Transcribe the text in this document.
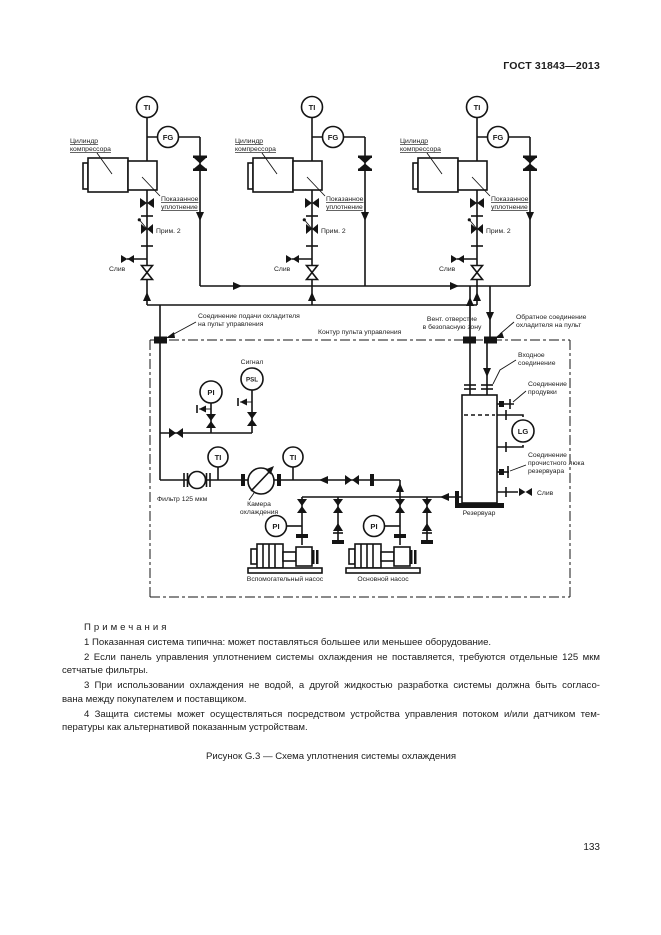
ГОСТ 31843—2013
Соединение подачи охладителя
на пульт управления
Контур пульта управления
Вент. отверстие
в безопасную зону
Обратное соединение
охладителя на пульт
PI
PSL
Сигнал
Фильтр 125 мкм
TI
Камера
охлаждения
TI
PI
Вспомогательный насос
PI
Основной насос
Резервуар
Входное
соединение
Соединение
продувки
LG
Соединение
прочистного люка
резервуара
Слив
Примечания
1 Показанная система типична: может поставляться большее или меньшее оборудование.
2 Если панель управления уплотнением системы охлаждения не поставляется, требуются отдельные 125 мкм
сетчатые фильтры.
3 При использовании охлаждения не водой, а другой жидкостью разработка системы должна быть согласо-
вана между покупателем и поставщиком.
4 Защита системы может осуществляться посредством устройства управления потоком и/или датчиком тем-
пературы как альтернативой показанным устройствам.
Рисунок G.3 — Схема уплотнения системы охлаждения
133
